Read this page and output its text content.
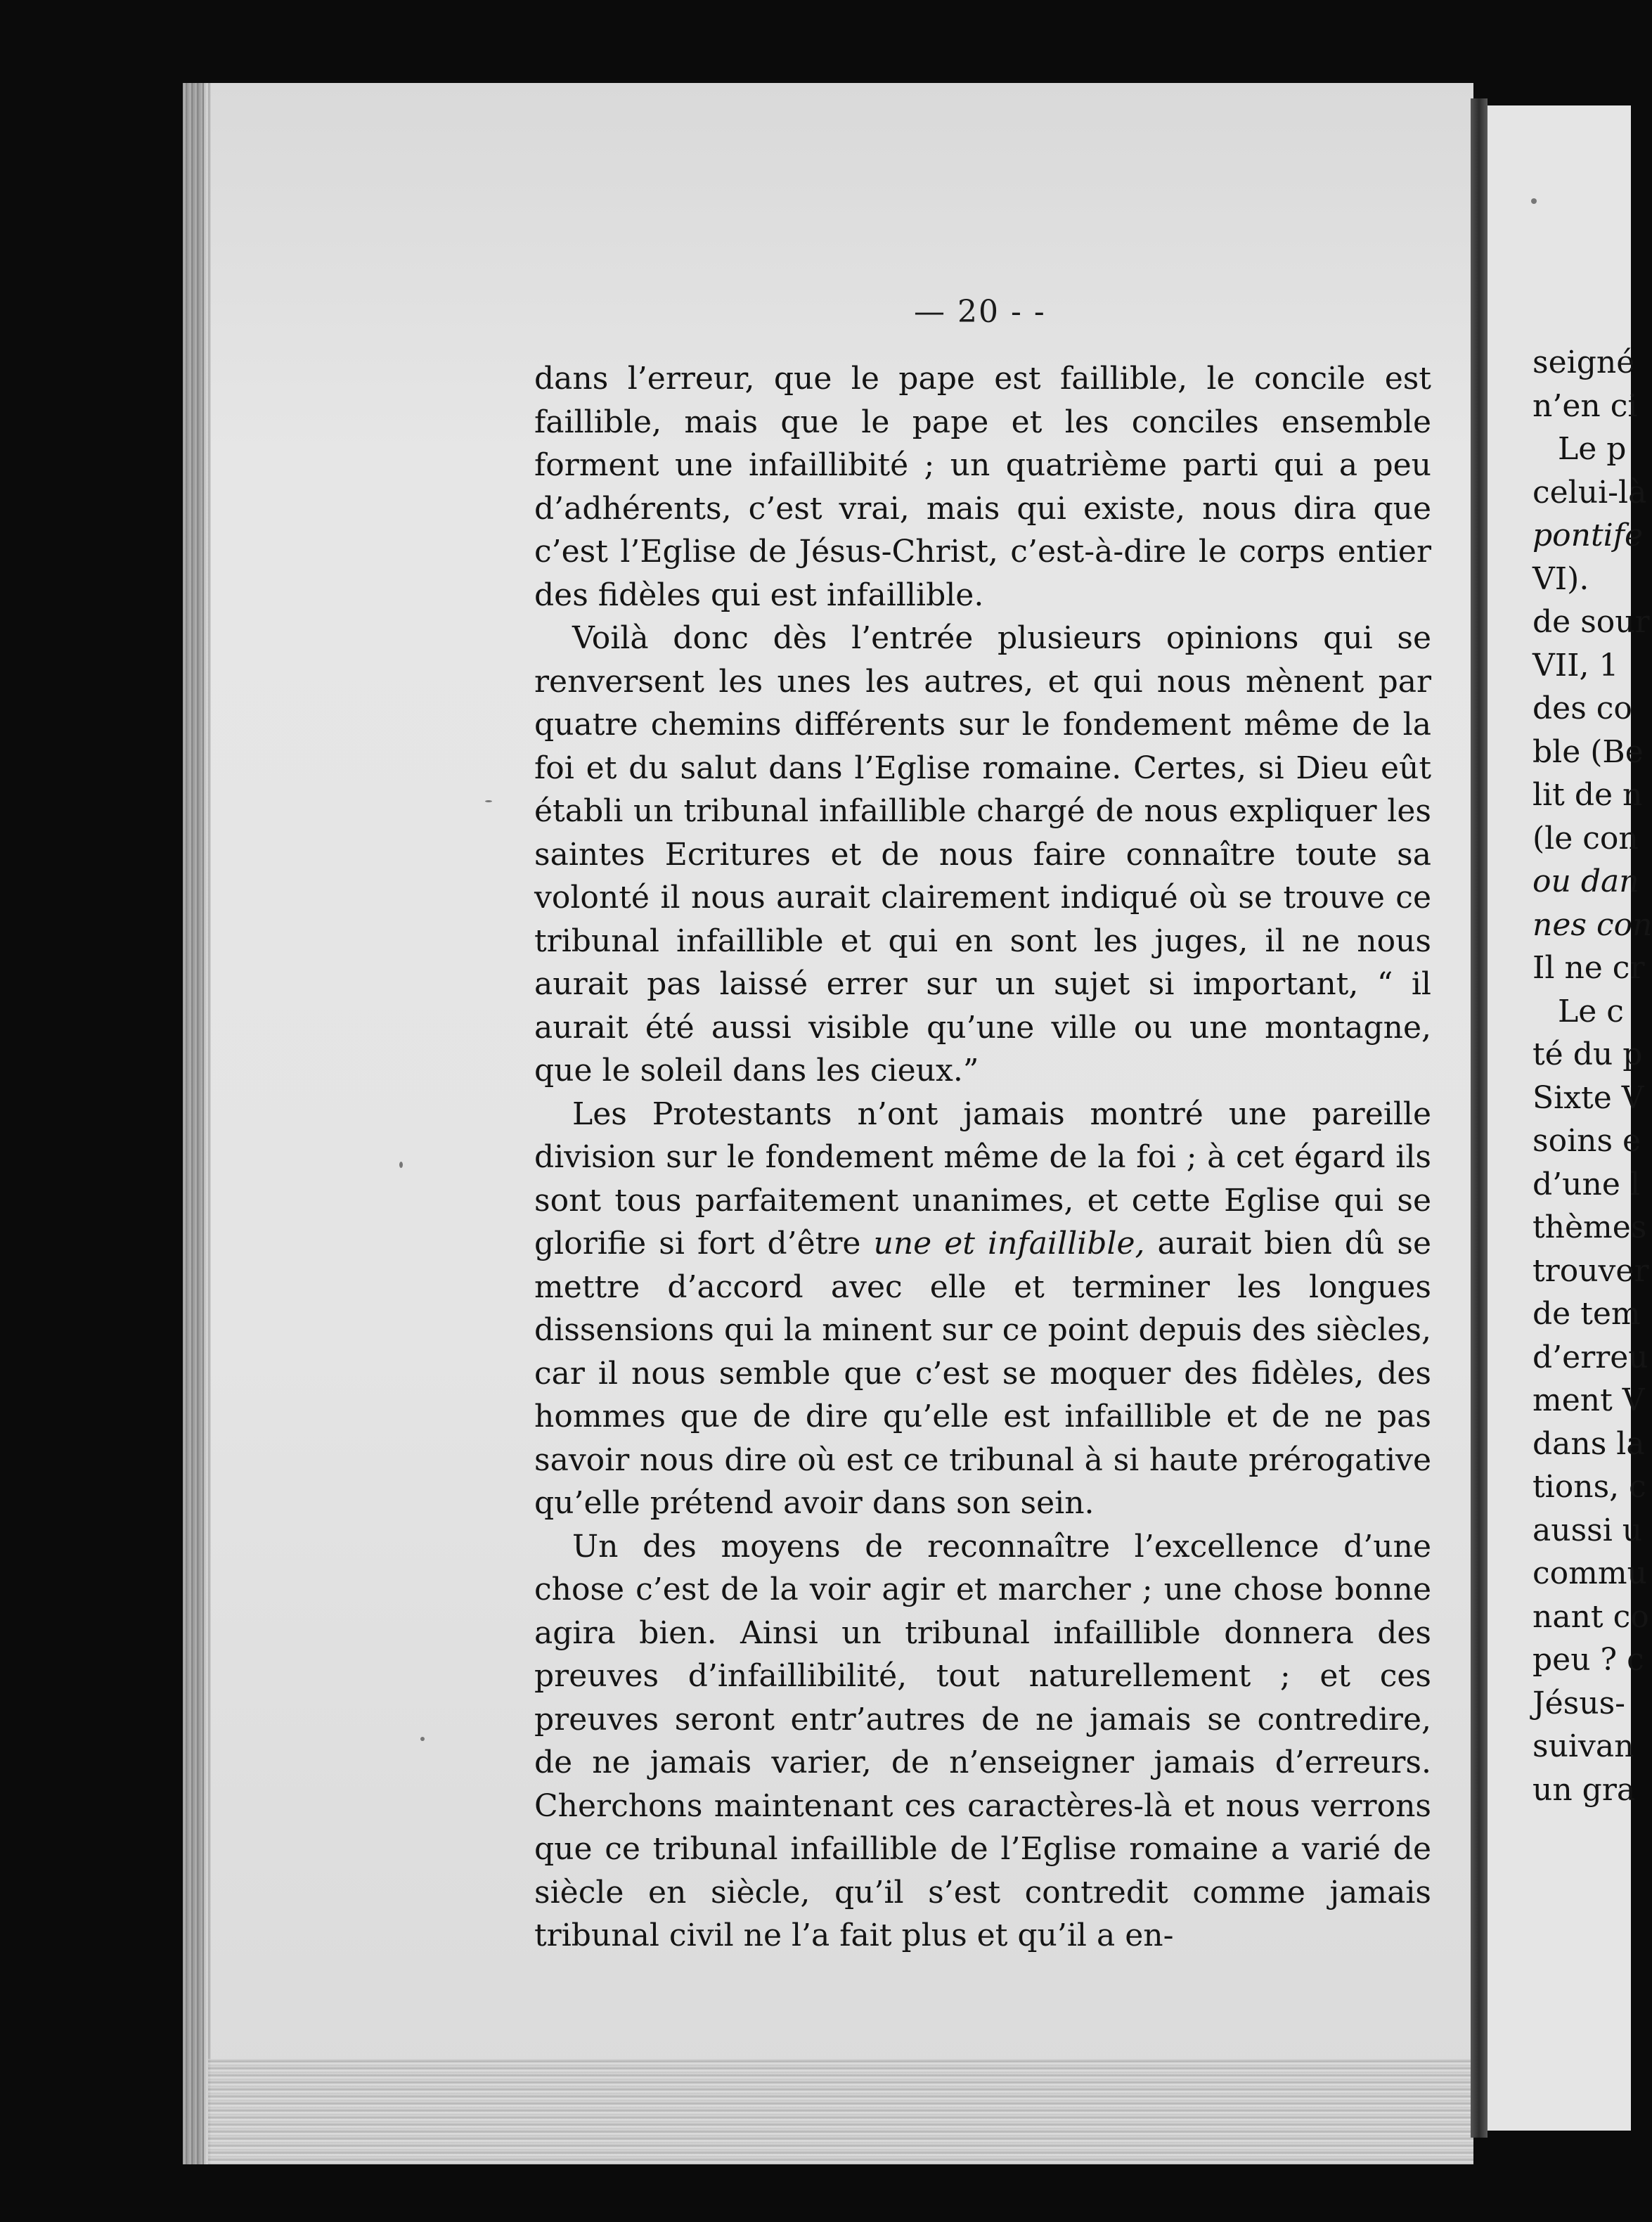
— 20 - -

dans l’erreur, que le pape est faillible, le concile est faillible, mais que le pape et les conciles ensemble forment une infaillibité ; un quatrième parti qui a peu d’adhérents, c’est vrai, mais qui existe, nous dira que c’est l’Eglise de Jésus-Christ, c’est-à-dire le corps entier des fidèles qui est infaillible.

Voilà donc dès l’entrée plusieurs opinions qui se renversent les unes les autres, et qui nous mènent par quatre chemins différents sur le fondement même de la foi et du salut dans l’Eglise romaine. Certes, si Dieu eût établi un tribunal infaillible chargé de nous expliquer les saintes Ecritures et de nous faire connaître toute sa volonté il nous aurait clairement indiqué où se trouve ce tribunal infaillible et qui en sont les juges, il ne nous aurait pas laissé errer sur un sujet si important, “ il aurait été aussi visible qu’une ville ou une montagne, que le soleil dans les cieux.”

Les Protestants n’ont jamais montré une pareille division sur le fondement même de la foi ; à cet égard ils sont tous parfaitement unanimes, et cette Eglise qui se glorifie si fort d’être une et infaillible, aurait bien dû se mettre d’accord avec elle et terminer les longues dissensions qui la minent sur ce point depuis des siècles, car il nous semble que c’est se moquer des fidèles, des hommes que de dire qu’elle est infaillible et de ne pas savoir nous dire où est ce tribunal à si haute prérogative qu’elle prétend avoir dans son sein.

Un des moyens de reconnaître l’excellence d’une chose c’est de la voir agir et marcher ; une chose bonne agira bien. Ainsi un tribunal infaillible donnera des preuves d’infaillibilité, tout naturellement ; et ces preuves seront entr’autres de ne jamais se contredire, de ne jamais varier, de n’enseigner jamais d’erreurs. Cherchons maintenant ces caractères-là et nous verrons que ce tribunal infaillible de l’Eglise romaine a varié de siècle en siècle, qu’il s’est contredit comme jamais tribunal civil ne l’a fait plus et qu’il a en-

seigné
n’en ci
Le p
celui-là
pontife
VI).
de sour
VII, 1
des co
ble (Be
lit de n
(le con
ou dan
nes con
Il ne cr
Le c
té du p
Sixte V
soins e
d’une l
thèmes
trouver
de tem
d’erreu
ment V
dans la
tions, c
aussi u
commu
nant co
peu ? c
Jésus-
suivan
un gra
